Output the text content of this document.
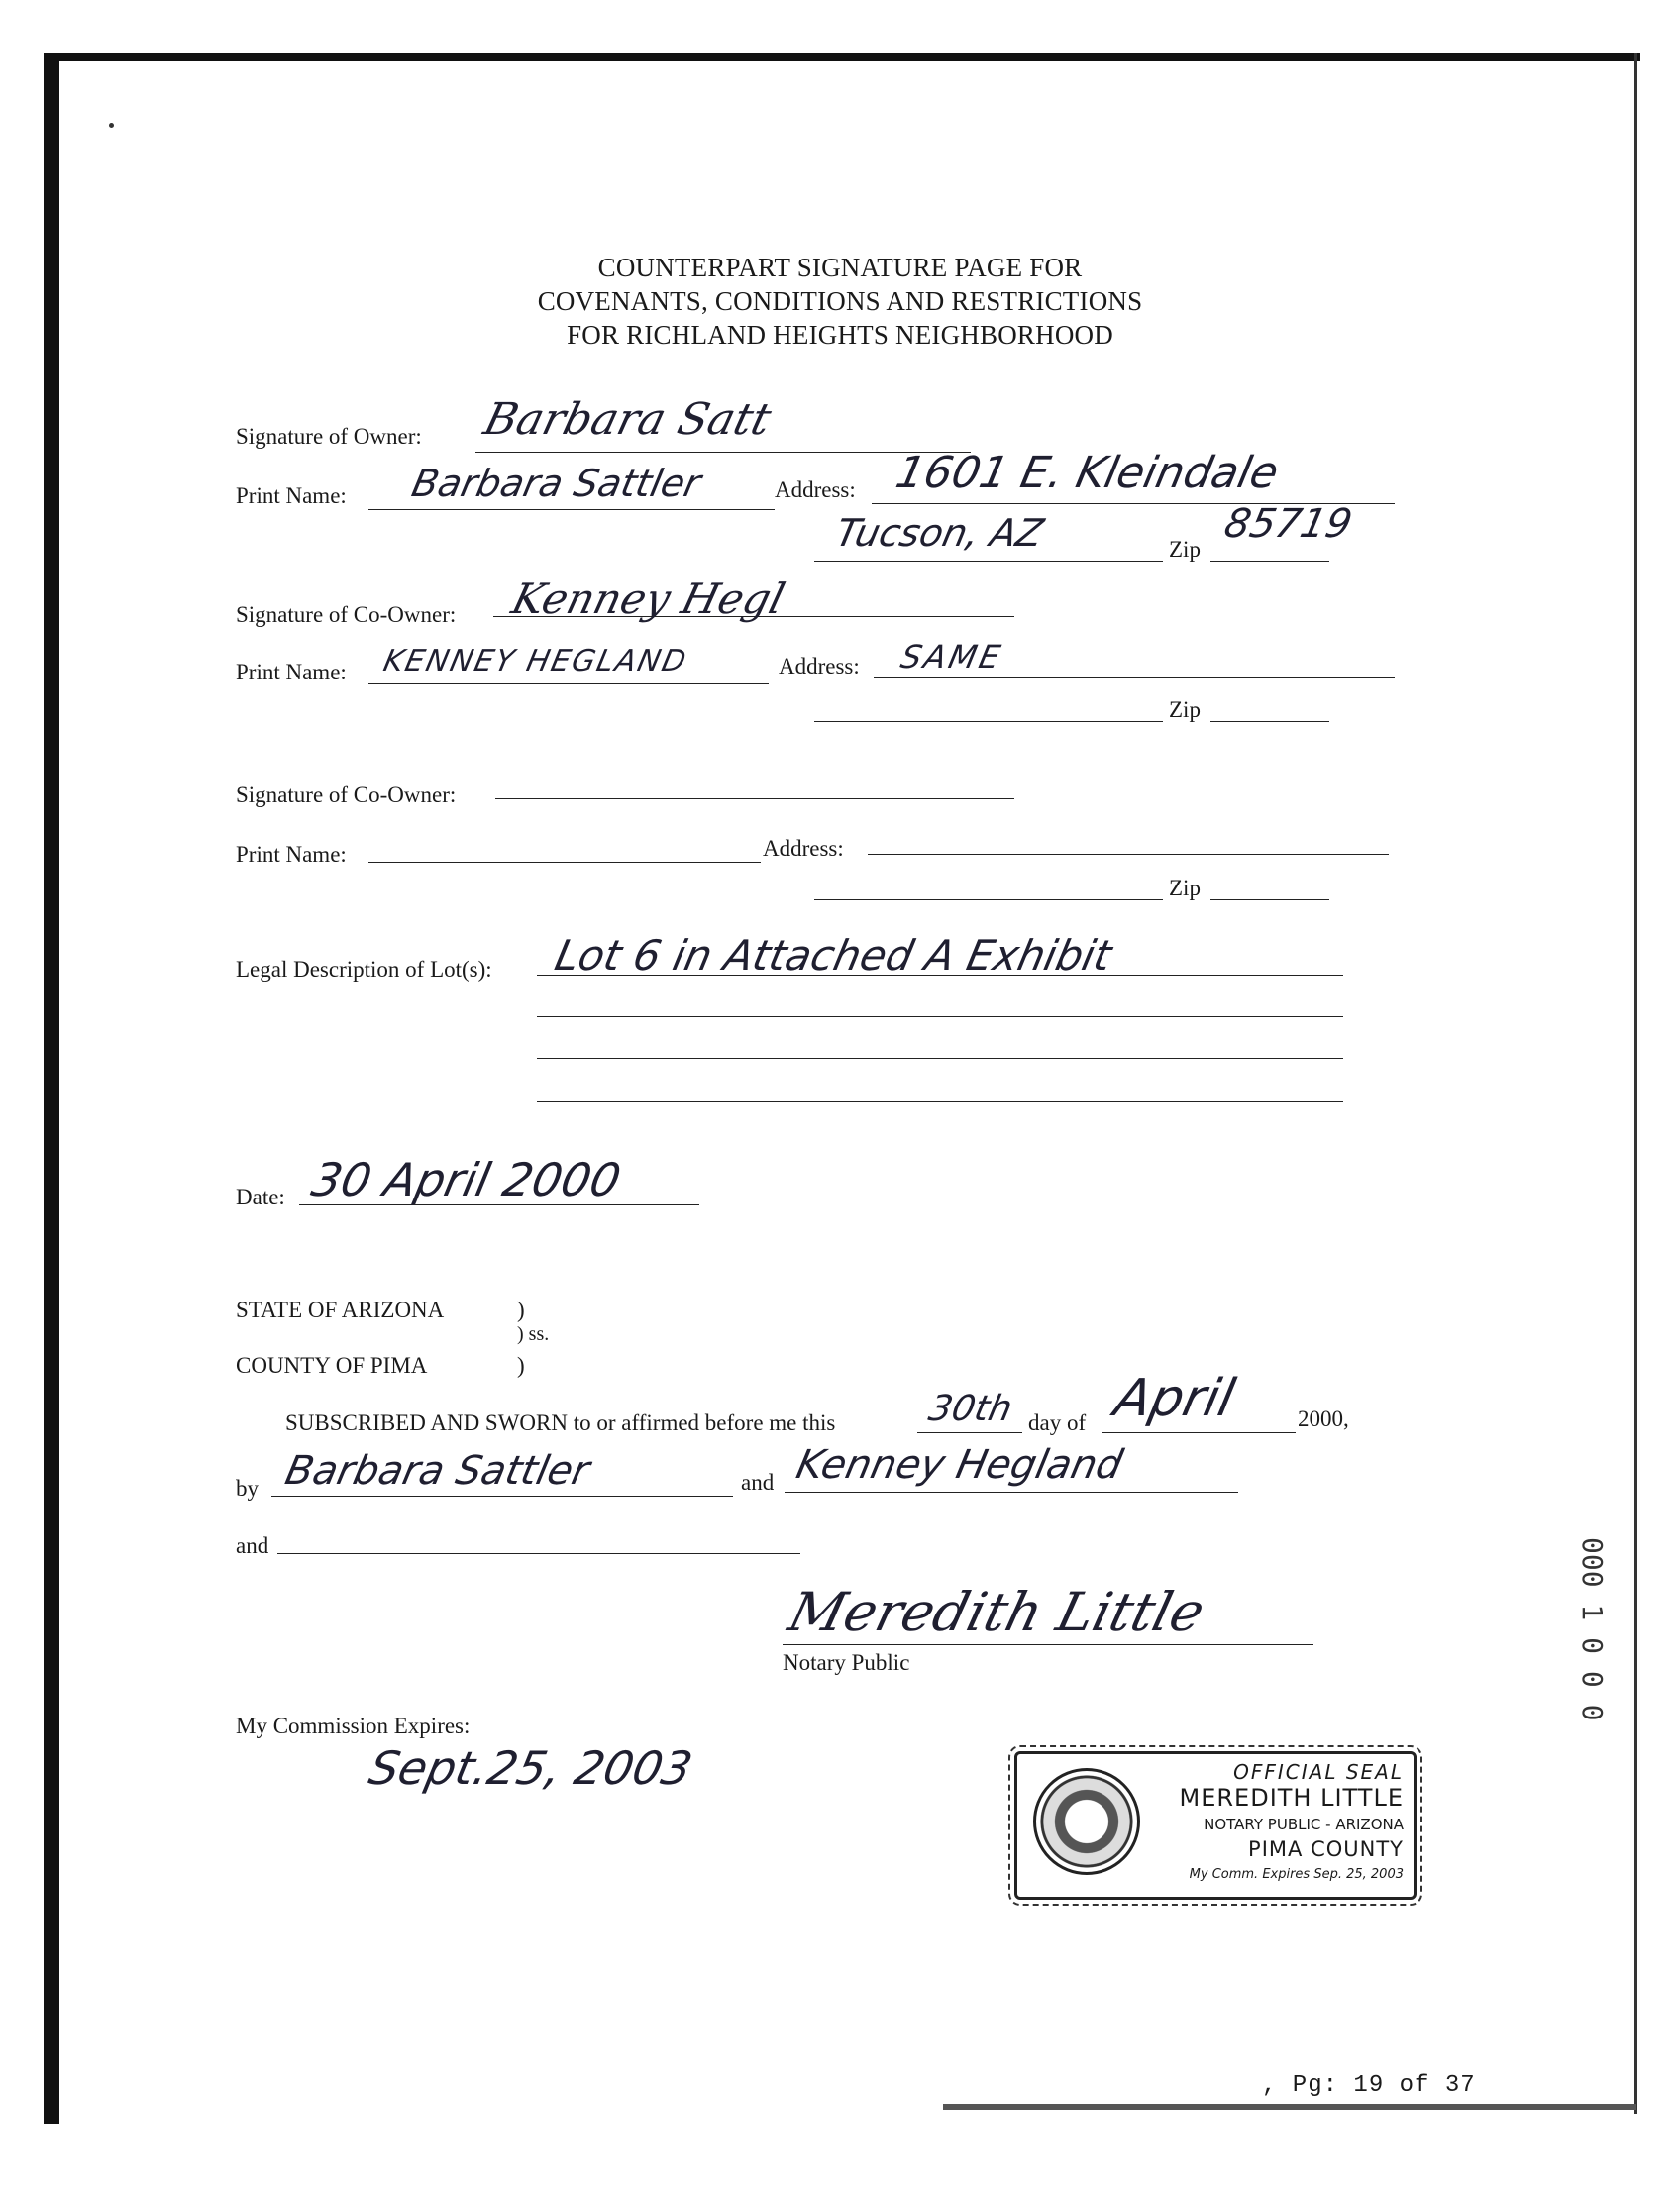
COUNTERPART SIGNATURE PAGE FOR
COVENANTS, CONDITIONS AND RESTRICTIONS
FOR RICHLAND HEIGHTS NEIGHBORHOOD
Signature of Owner: Barbara Satt
Print Name: Barbara Sattler	Address: 1601 E. Kleindale
Tucson, AZ	Zip
85719
Signature of Co-Owner: Kenney Hegl
Print Name: KENNEY HEGLAND	Address: SAME
Zip
Signature of Co-Owner:
Print Name:	Address:
Zip
Legal Description of Lot(s): Lot 6 in Attached A Exhibit
Date: 30 April 2000
STATE OF ARIZONA	)
) ss.
COUNTY OF PIMA	)
SUBSCRIBED AND SWORN to or affirmed before me this	30th day of April	2000,
by Barbara Sattler	and Kenney Hegland
and
Meredith Little
Notary Public
My Commission Expires:
Sept.25, 2003	OFFICIAL SEAL
MEREDITH LITTLE
NOTARY PUBLIC - ARIZONA
PIMA COUNTY
My Comm. Expires Sep. 25, 2003
000 1 0 0 0
, Pg: 19 of 37
